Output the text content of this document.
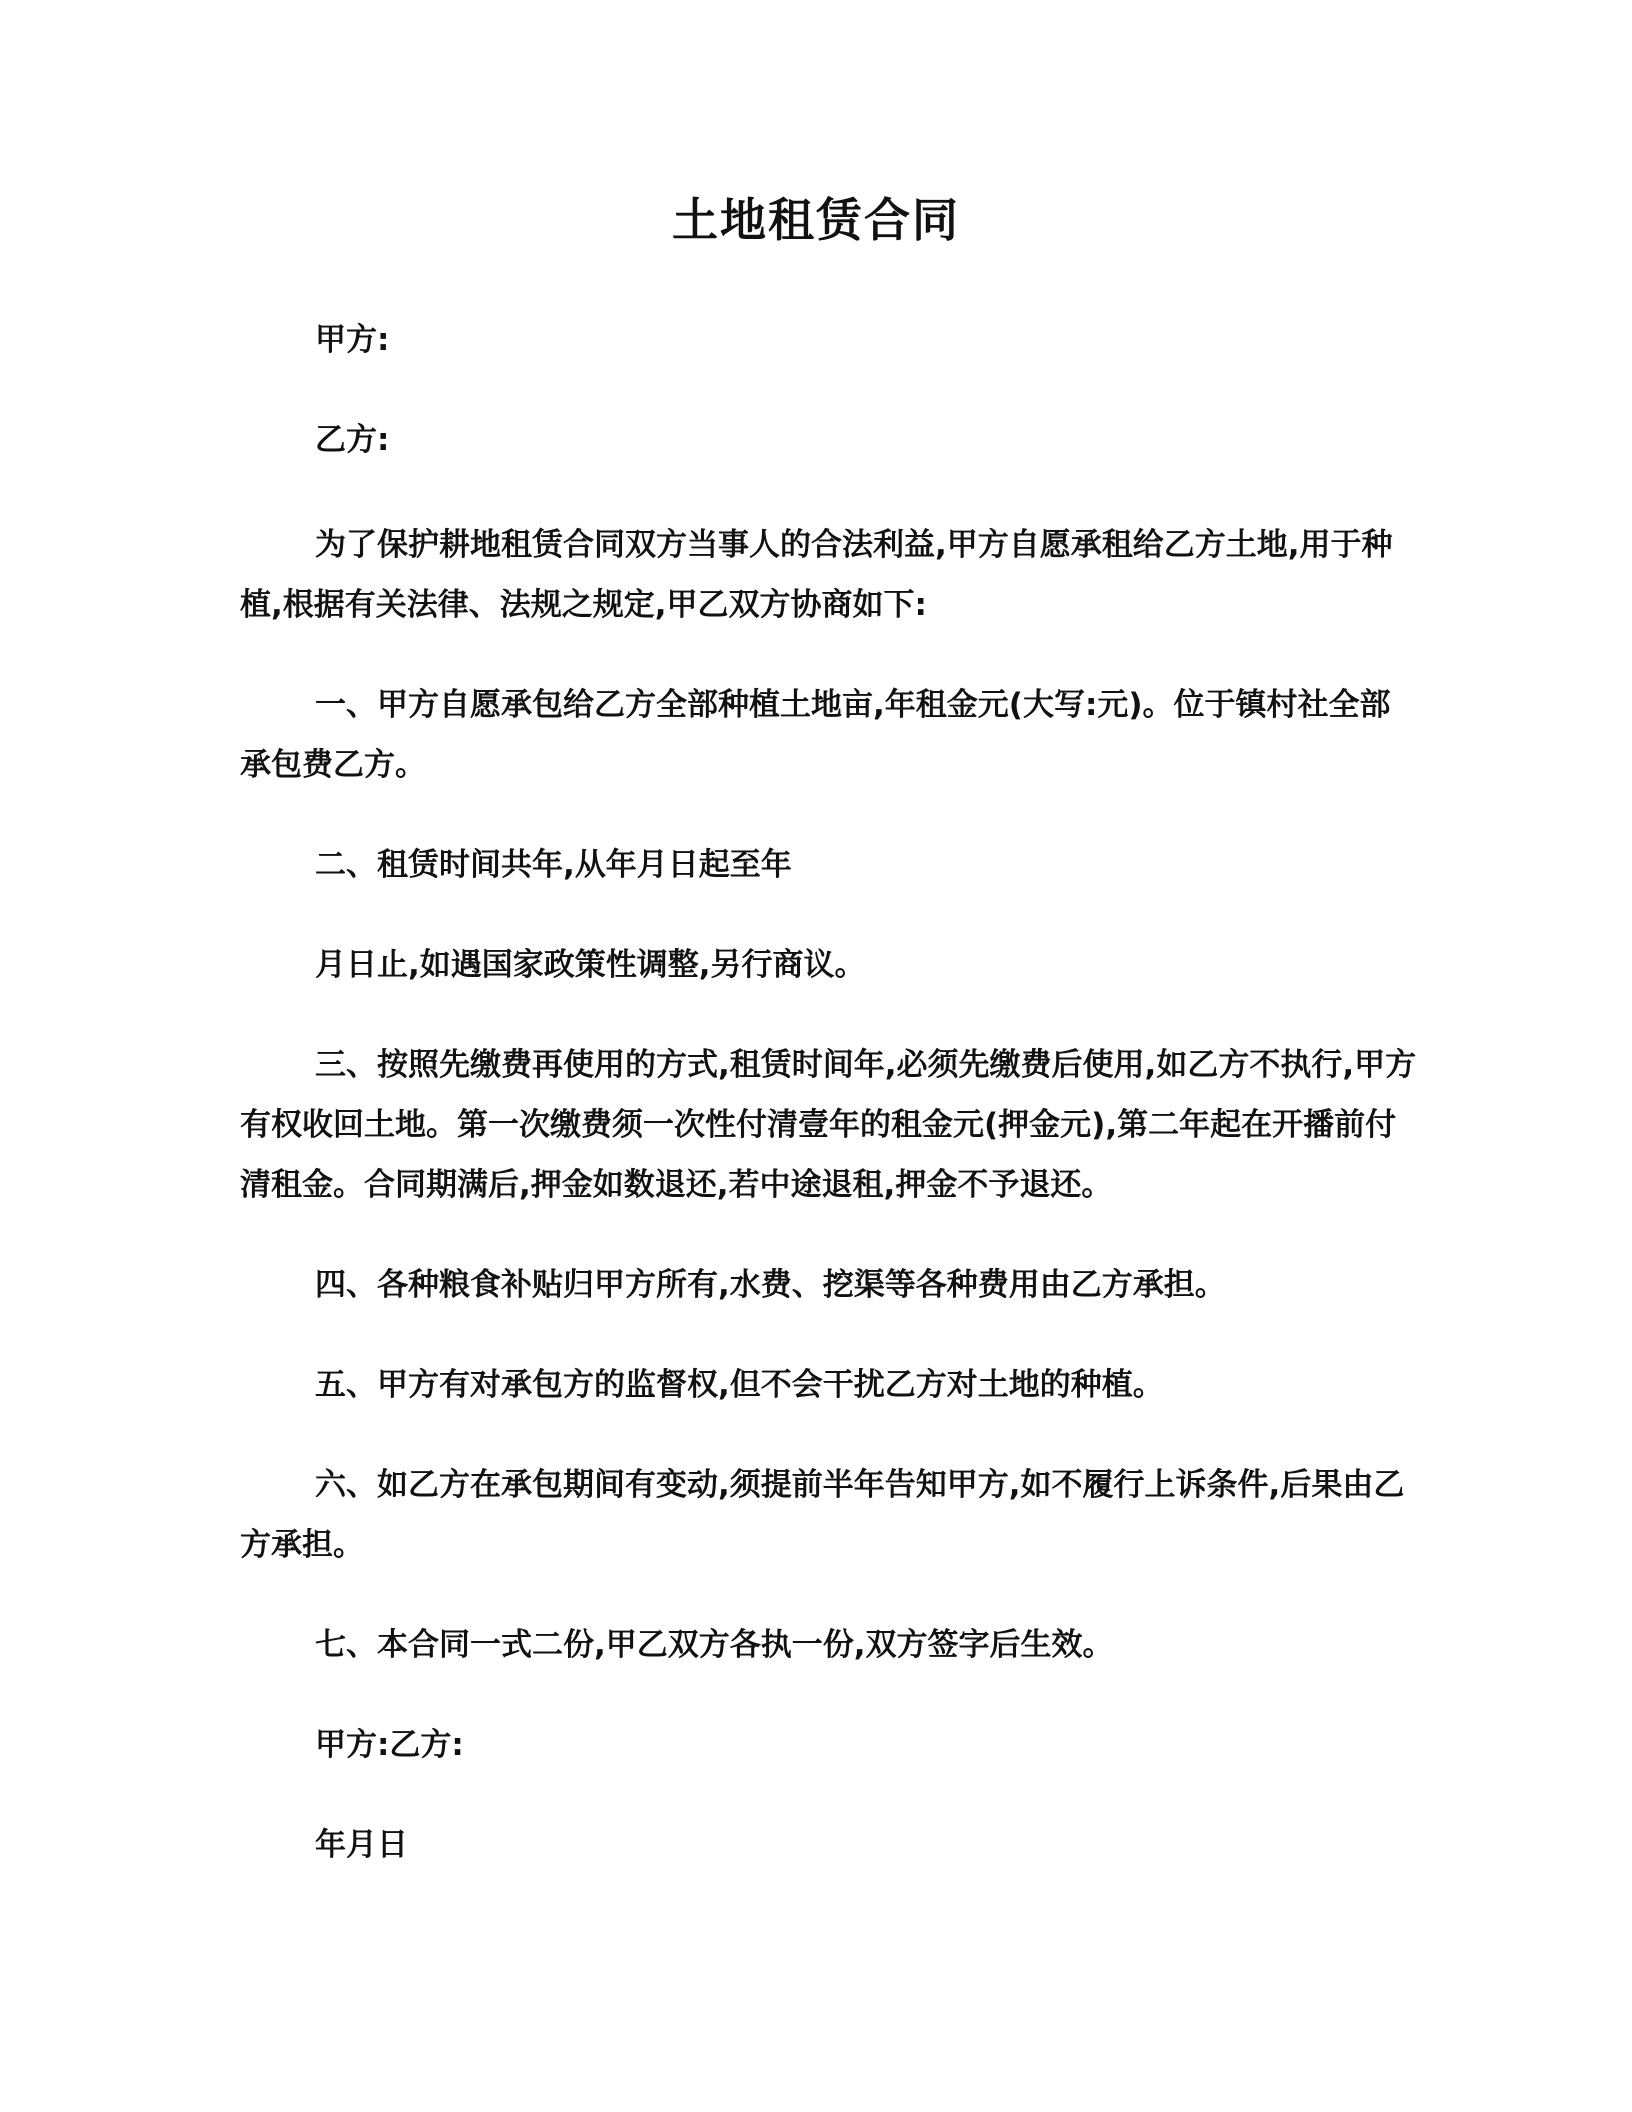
土地租赁合同

甲方:

乙方:

为了保护耕地租赁合同双方当事人的合法利益,甲方自愿承租给乙方土地,用于种植,根据有关法律、法规之规定,甲乙双方协商如下:

一、甲方自愿承包给乙方全部种植土地亩,年租金元(大写:元)。位于镇村社全部承包费乙方。

二、租赁时间共年,从年月日起至年

月日止,如遇国家政策性调整,另行商议。

三、按照先缴费再使用的方式,租赁时间年,必须先缴费后使用,如乙方不执行,甲方有权收回土地。第一次缴费须一次性付清壹年的租金元(押金元),第二年起在开播前付清租金。合同期满后,押金如数退还,若中途退租,押金不予退还。

四、各种粮食补贴归甲方所有,水费、挖渠等各种费用由乙方承担。

五、甲方有对承包方的监督权,但不会干扰乙方对土地的种植。

六、如乙方在承包期间有变动,须提前半年告知甲方,如不履行上诉条件,后果由乙方承担。

七、本合同一式二份,甲乙双方各执一份,双方签字后生效。

甲方:乙方:

年月日
